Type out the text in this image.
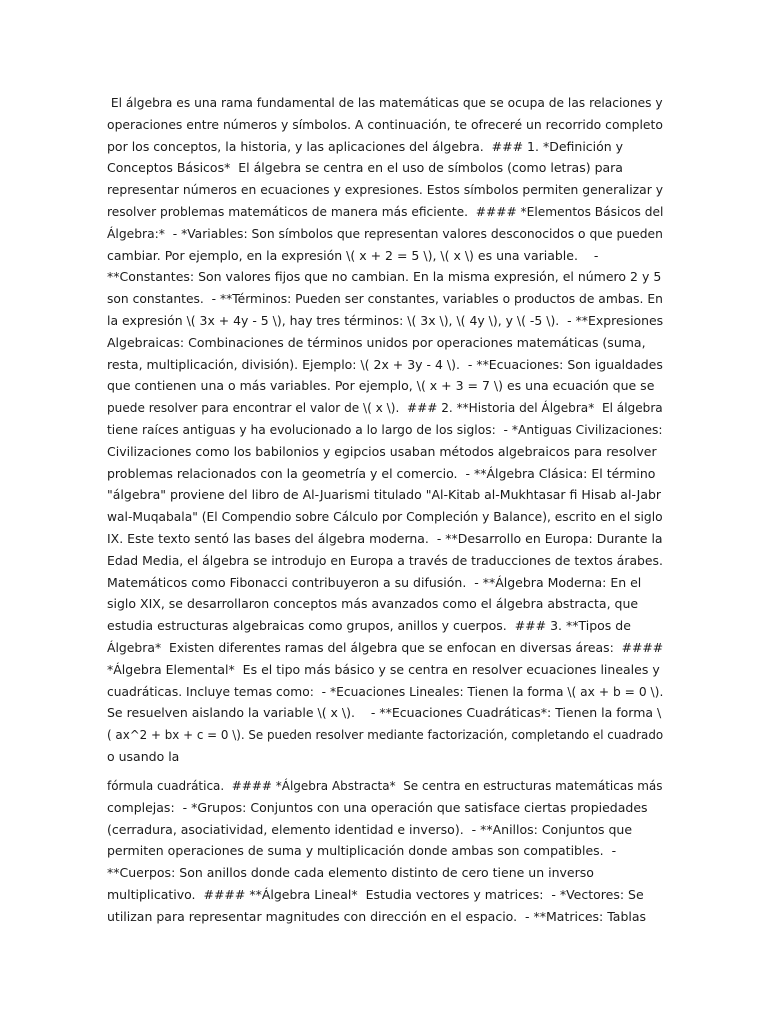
El álgebra es una rama fundamental de las matemáticas que se ocupa de las relaciones y
operaciones entre números y símbolos. A continuación, te ofreceré un recorrido completo
por los conceptos, la historia, y las aplicaciones del álgebra.  ### 1. *Definición y
Conceptos Básicos*  El álgebra se centra en el uso de símbolos (como letras) para
representar números en ecuaciones y expresiones. Estos símbolos permiten generalizar y
resolver problemas matemáticos de manera más eficiente.  #### *Elementos Básicos del
Álgebra:*  - *Variables: Son símbolos que representan valores desconocidos o que pueden
cambiar. Por ejemplo, en la expresión \( x + 2 = 5 \), \( x \) es una variable.    -
**Constantes: Son valores fijos que no cambian. En la misma expresión, el número 2 y 5
son constantes.  - **Términos: Pueden ser constantes, variables o productos de ambas. En
la expresión \( 3x + 4y - 5 \), hay tres términos: \( 3x \), \( 4y \), y \( -5 \).  - **Expresiones
Algebraicas: Combinaciones de términos unidos por operaciones matemáticas (suma,
resta, multiplicación, división). Ejemplo: \( 2x + 3y - 4 \).  - **Ecuaciones: Son igualdades
que contienen una o más variables. Por ejemplo, \( x + 3 = 7 \) es una ecuación que se
puede resolver para encontrar el valor de \( x \).  ### 2. **Historia del Álgebra*  El álgebra
tiene raíces antiguas y ha evolucionado a lo largo de los siglos:  - *Antiguas Civilizaciones:
Civilizaciones como los babilonios y egipcios usaban métodos algebraicos para resolver
problemas relacionados con la geometría y el comercio.  - **Álgebra Clásica: El término
"álgebra" proviene del libro de Al-Juarismi titulado "Al-Kitab al-Mukhtasar fi Hisab al-Jabr
wal-Muqabala" (El Compendio sobre Cálculo por Compleción y Balance), escrito en el siglo
IX. Este texto sentó las bases del álgebra moderna.  - **Desarrollo en Europa: Durante la
Edad Media, el álgebra se introdujo en Europa a través de traducciones de textos árabes.
Matemáticos como Fibonacci contribuyeron a su difusión.  - **Álgebra Moderna: En el
siglo XIX, se desarrollaron conceptos más avanzados como el álgebra abstracta, que
estudia estructuras algebraicas como grupos, anillos y cuerpos.  ### 3. **Tipos de
Álgebra*  Existen diferentes ramas del álgebra que se enfocan en diversas áreas:  ####
*Álgebra Elemental*  Es el tipo más básico y se centra en resolver ecuaciones lineales y
cuadráticas. Incluye temas como:  - *Ecuaciones Lineales: Tienen la forma \( ax + b = 0 \).
Se resuelven aislando la variable \( x \).    - **Ecuaciones Cuadráticas*: Tienen la forma \
( ax^2 + bx + c = 0 \). Se pueden resolver mediante factorización, completando el cuadrado
o usando la
fórmula cuadrática.  #### *Álgebra Abstracta*  Se centra en estructuras matemáticas más
complejas:  - *Grupos: Conjuntos con una operación que satisface ciertas propiedades
(cerradura, asociatividad, elemento identidad e inverso).  - **Anillos: Conjuntos que
permiten operaciones de suma y multiplicación donde ambas son compatibles.  -
**Cuerpos: Son anillos donde cada elemento distinto de cero tiene un inverso
multiplicativo.  #### **Álgebra Lineal*  Estudia vectores y matrices:  - *Vectores: Se
utilizan para representar magnitudes con dirección en el espacio.  - **Matrices: Tablas
